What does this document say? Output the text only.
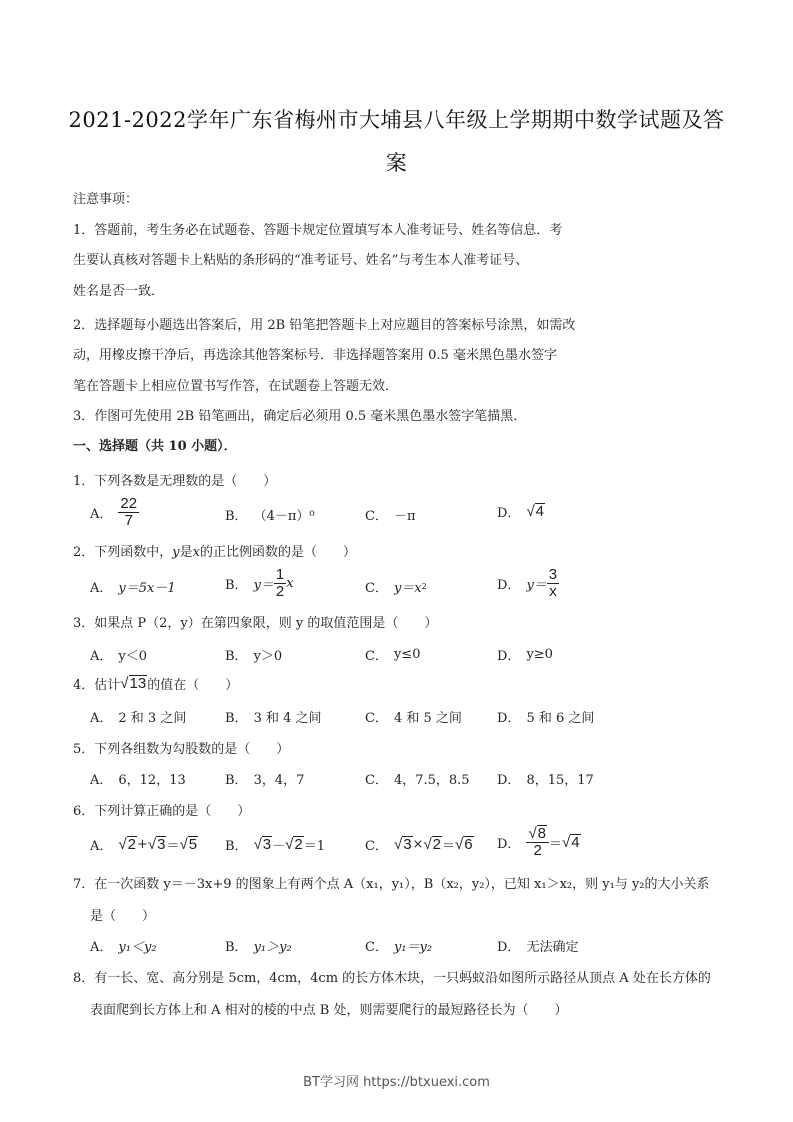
2021-2022学年广东省梅州市大埔县八年级上学期期中数学试题及答
案
注意事项：
1．答题前，考生务必在试题卷、答题卡规定位置填写本人准考证号、姓名等信息．考
生要认真核对答题卡上粘贴的条形码的“准考证号、姓名”与考生本人准考证号、
姓名是否一致．
2．选择题每小题选出答案后，用 2B 铅笔把答题卡上对应题目的答案标号涂黑，如需改
动，用橡皮擦干净后，再选涂其他答案标号．非选择题答案用 0.5 毫米黑色墨水签字
笔在答题卡上相应位置书写作答，在试题卷上答题无效．
3．作图可先使用 2B 铅笔画出，确定后必须用 0.5 毫米黑色墨水签字笔描黑．
一、选择题（共 10 小题）．
1．下列各数是无理数的是（　　）
A． $\frac{22}{7}$	B． （4－π）⁰	C． －π	D． √ 4
2．下列函数中，y是x的正比例函数的是（　　）
A． y＝5x－1	B． $y= \frac{1}{2}$ x	C． y＝x 2	D． $y= \frac{3}{x}$
3．如果点 P（2，y）在第四象限，则 y 的取值范围是（　　）
A． y＜0	B． y＞0	C． y≤0	D． y≥0
4．估计 √ 13 的值在（　　）
A． 2 和 3 之间	B． 3 和 4 之间	C． 4 和 5 之间	D． 5 和 6 之间
5．下列各组数为勾股数的是（　　）
A． 6，12，13	B． 3，4，7	C． 4，7.5，8.5 D． 8，15，17
6．下列计算正确的是（　　）
A． √ 2 + √ 3 ＝ √ 5 B． √ 3 － √ 2 ＝1	C． √ 3 × √ 2 ＝ √ 6 D． $\frac{√ 8}{2}$ ＝ √ 4
7．在一次函数 y＝－3x+9 的图象上有两个点 A（x₁，y₁），B（x₂，y₂），已知 x₁＞x₂，则 y₁与 y₂的大小关系
是（　　）
A． y₁＜y₂	B． y₁＞y₂	C． y₁＝y₂	D． 无法确定
8．有一长、宽、高分别是 5cm，4cm，4cm 的长方体木块，一只蚂蚁沿如图所示路径从顶点 A 处在长方体的
表面爬到长方体上和 A 相对的棱的中点 B 处，则需要爬行的最短路径长为（　　）
BT学习网 https://btxuexi.com
